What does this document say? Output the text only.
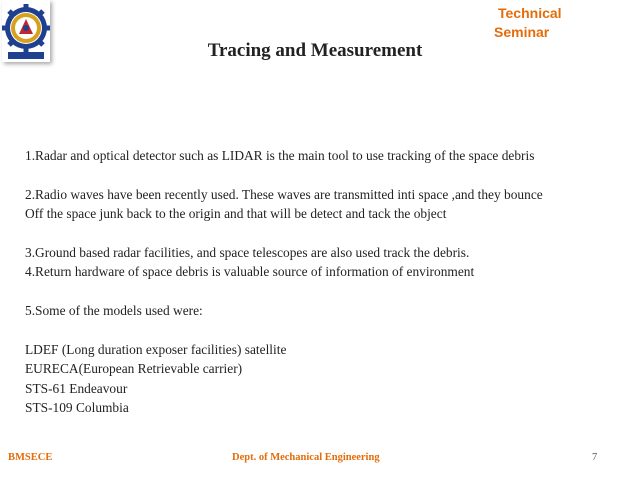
Technical
Seminar
Tracing and Measurement

1.Radar and optical detector such as LIDAR is the main tool to use tracking of the space debris

2.Radio waves have been recently used. These waves are transmitted inti space ,and they bounce

Off the space junk back to the origin and that will be detect and tack the object

3.Ground based radar facilities, and space telescopes are also used track the debris.

4.Return hardware of space debris is valuable source of information of environment

5.Some of the models used were:

LDEF (Long duration exposer facilities) satellite

EURECA(European Retrievable carrier)

STS-61 Endeavour

STS-109 Columbia

BMSECE	Dept. of Mechanical Engineering	7
